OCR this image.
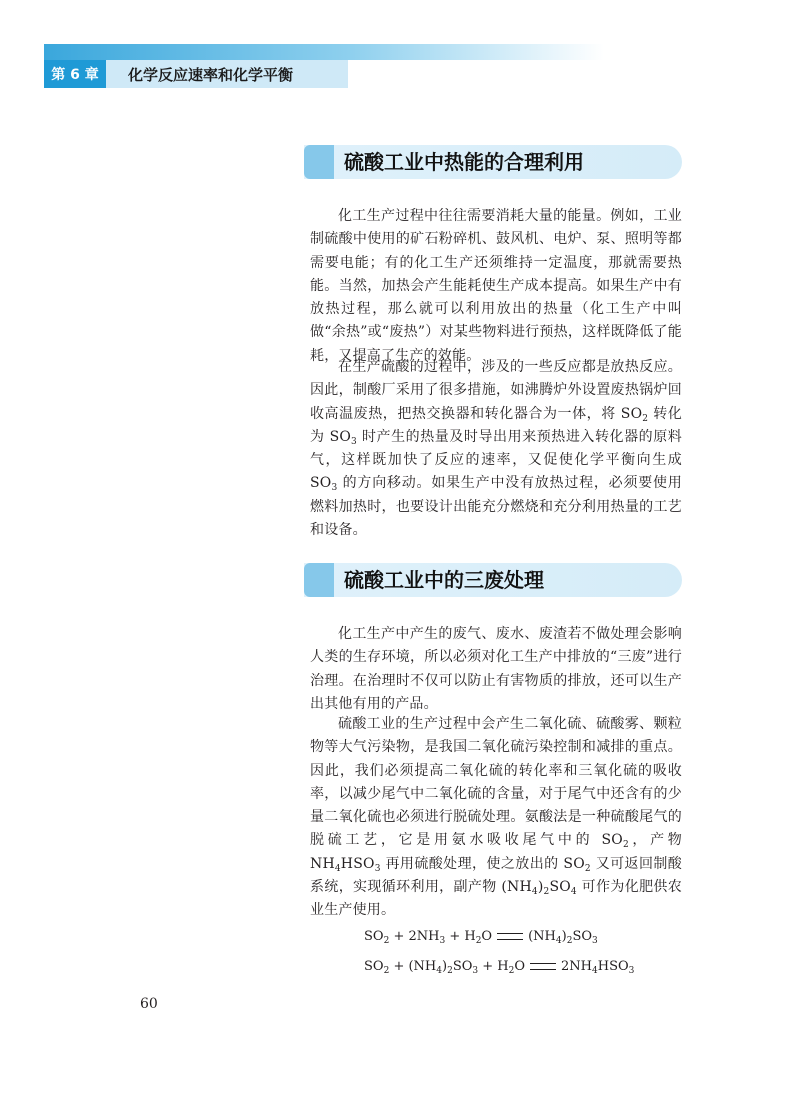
第 6 章 化学反应速率和化学平衡
硫酸工业中热能的合理利用

化工生产过程中往往需要消耗大量的能量。例如，工业制硫酸中使用的矿石粉碎机、鼓风机、电炉、泵、照明等都需要电能；有的化工生产还须维持一定温度，那就需要热能。当然，加热会产生能耗使生产成本提高。如果生产中有放热过程，那么就可以利用放出的热量（化工生产中叫做“余热”或“废热”）对某些物料进行预热，这样既降低了能耗，又提高了生产的效能。

在生产硫酸的过程中，涉及的一些反应都是放热反应。因此，制酸厂采用了很多措施，如沸腾炉外设置废热锅炉回收高温废热，把热交换器和转化器合为一体，将 $SO_2$ 转化为 $SO_3$ 时产生的热量及时导出用来预热进入转化器的原料气，这样既加快了反应的速率，又促使化学平衡向生成 $SO_3$ 的方向移动。如果生产中没有放热过程，必须要使用燃料加热时，也要设计出能充分燃烧和充分利用热量的工艺和设备。

硫酸工业中的三废处理

化工生产中产生的废气、废水、废渣若不做处理会影响人类的生存环境，所以必须对化工生产中排放的“三废”进行治理。在治理时不仅可以防止有害物质的排放，还可以生产出其他有用的产品。

硫酸工业的生产过程中会产生二氧化硫、硫酸雾、颗粒物等大气污染物，是我国二氧化硫污染控制和减排的重点。因此，我们必须提高二氧化硫的转化率和三氧化硫的吸收率，以减少尾气中二氧化硫的含量，对于尾气中还含有的少量二氧化硫也必须进行脱硫处理。氨酸法是一种硫酸尾气的脱硫工艺，它是用氨水吸收尾气中的 $SO_2$，产物 $NH_4HSO_3$ 再用硫酸处理，使之放出的 $SO_2$ 又可返回制酸系统，实现循环利用，副产物 $(NH_4)_2SO_4$ 可作为化肥供农业生产使用。

$SO_2 + 2NH_3 + H_2O$	$(NH_4)_2SO_3$
$SO_2 + (NH_4)_2SO_3 + H_2O$	$2NH_4HSO_3$
60
